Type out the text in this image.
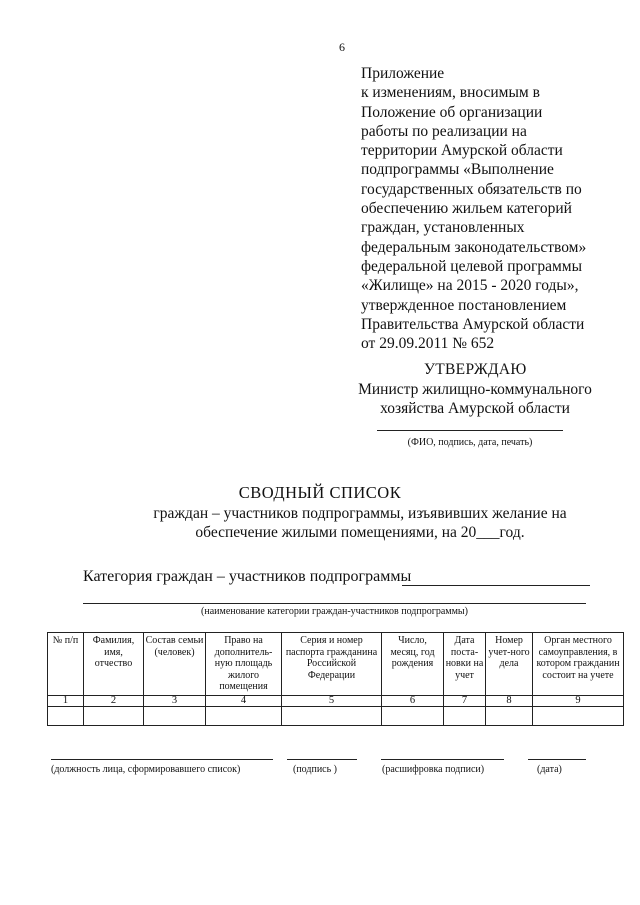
6
Приложение
к изменениям, вносимым в
Положение об организации
работы по реализации на
территории Амурской области
подпрограммы «Выполнение
государственных обязательств по
обеспечению жильем категорий
граждан, установленных
федеральным законодательством»
федеральной целевой программы
«Жилище» на 2015 - 2020 годы»,
утвержденное постановлением
Правительства Амурской области
от 29.09.2011 № 652
УТВЕРЖДАЮ
Министр жилищно-коммунального
хозяйства Амурской области
(ФИО, подпись, дата, печать)
СВОДНЫЙ СПИСОК
граждан – участников подпрограммы, изъявивших желание на
обеспечение жилыми помещениями, на 20___год.
Категория граждан – участников подпрограммы
(наименование категории граждан-участников подпрограммы)
№ п/п	Фамилия, имя, отчество	Состав семьи (человек)	Право на дополнитель-ную площадь жилого помещения	Серия и номер паспорта гражданина Российской Федерации	Число, месяц, год рождения	Дата поста-новки на учет	Номер учет-ного дела	Орган местного самоуправления, в котором гражданин состоит на учете
1	2	3	4	5	6	7	8	9

(должность лица, сформировавшего список)	(подпись )	(расшифровка подписи)	(дата)
